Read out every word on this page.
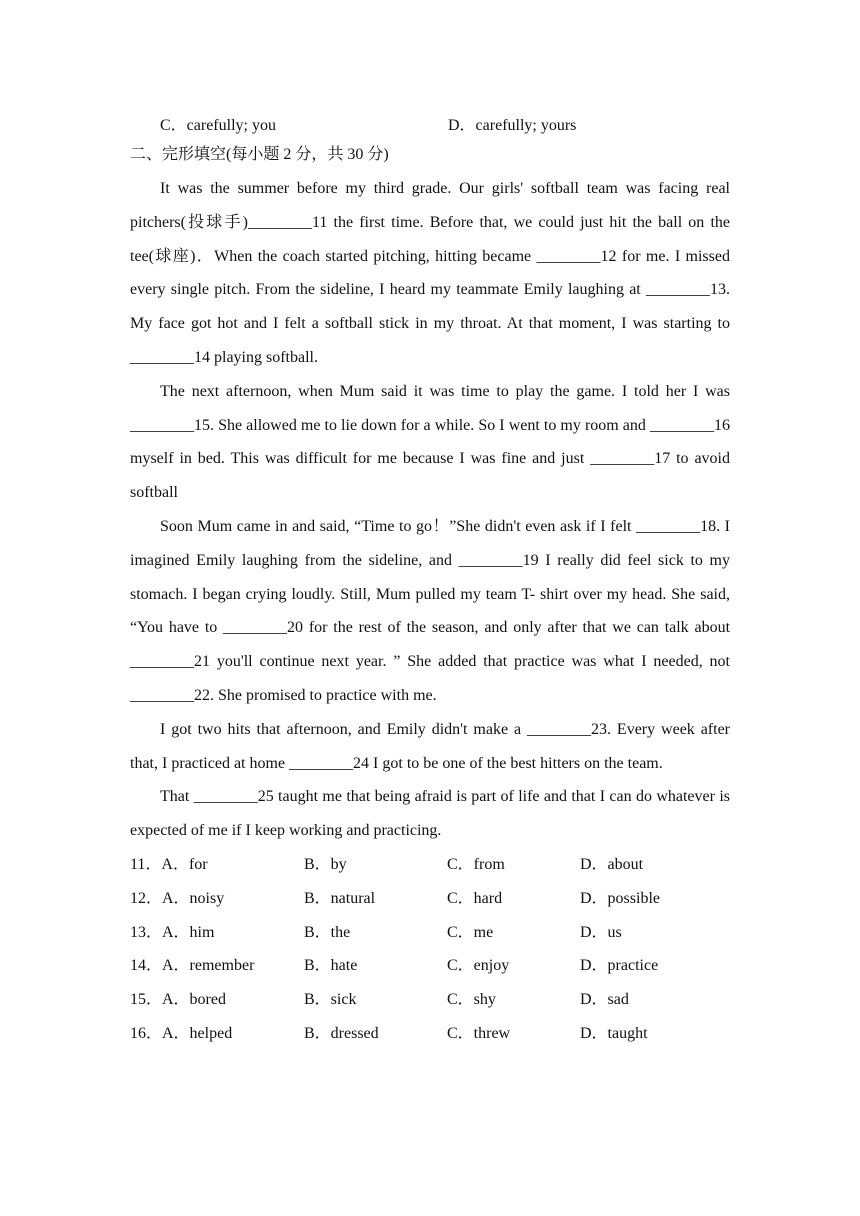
C．carefully; you	D．carefully; yours
二、完形填空(每小题 2 分，共 30 分)

It was the summer before my third grade. Our girls' softball team was facing real pitchers(投球手) ________	11 the first time. Before that, we could just hit the ball on the tee(球座)．When the coach started pitching, hitting became ________	12 for me. I missed every single pitch. From the sideline, I heard my teammate Emily laughing at ________	13. My face got hot and I felt a softball stick in my throat. At that moment, I was starting to ________ 14 playing softball.

The next afternoon, when Mum said it was time to play the game. I told her I was ________ 15. She allowed me to lie down for a while. So I went to my room and ________	16 myself in bed. This was difficult for me because I was fine and just ________	17 to avoid softball

Soon Mum came in and said, “Time to go！”She didn't even ask if I felt ________	18. I imagined Emily laughing from the sideline, and ________	19 I really did feel sick to my stomach. I began crying loudly. Still, Mum pulled my team T- shirt over my head. She said, “You have to ________	20 for the rest of the season, and only after that we can talk about ________ 21 you'll continue next year. ” She added that practice was what I needed, not ________ 22. She promised to practice with me.

I got two hits that afternoon, and Emily didn't make a ________	23. Every week after that, I practiced at home ________	24 I got to be one of the best hitters on the team.

That ________	25 taught me that being afraid is part of life and that I can do whatever is expected of me if I keep working and practicing.

11．A．for	B．by	C．from	D．about
12．A．noisy	B．natural	C．hard	D．possible
13．A．him	B．the	C．me	D．us
14．A．remember	B．hate	C．enjoy	D．practice
15．A．bored	B．sick	C．shy	D．sad
16．A．helped	B．dressed	C．threw	D．taught
